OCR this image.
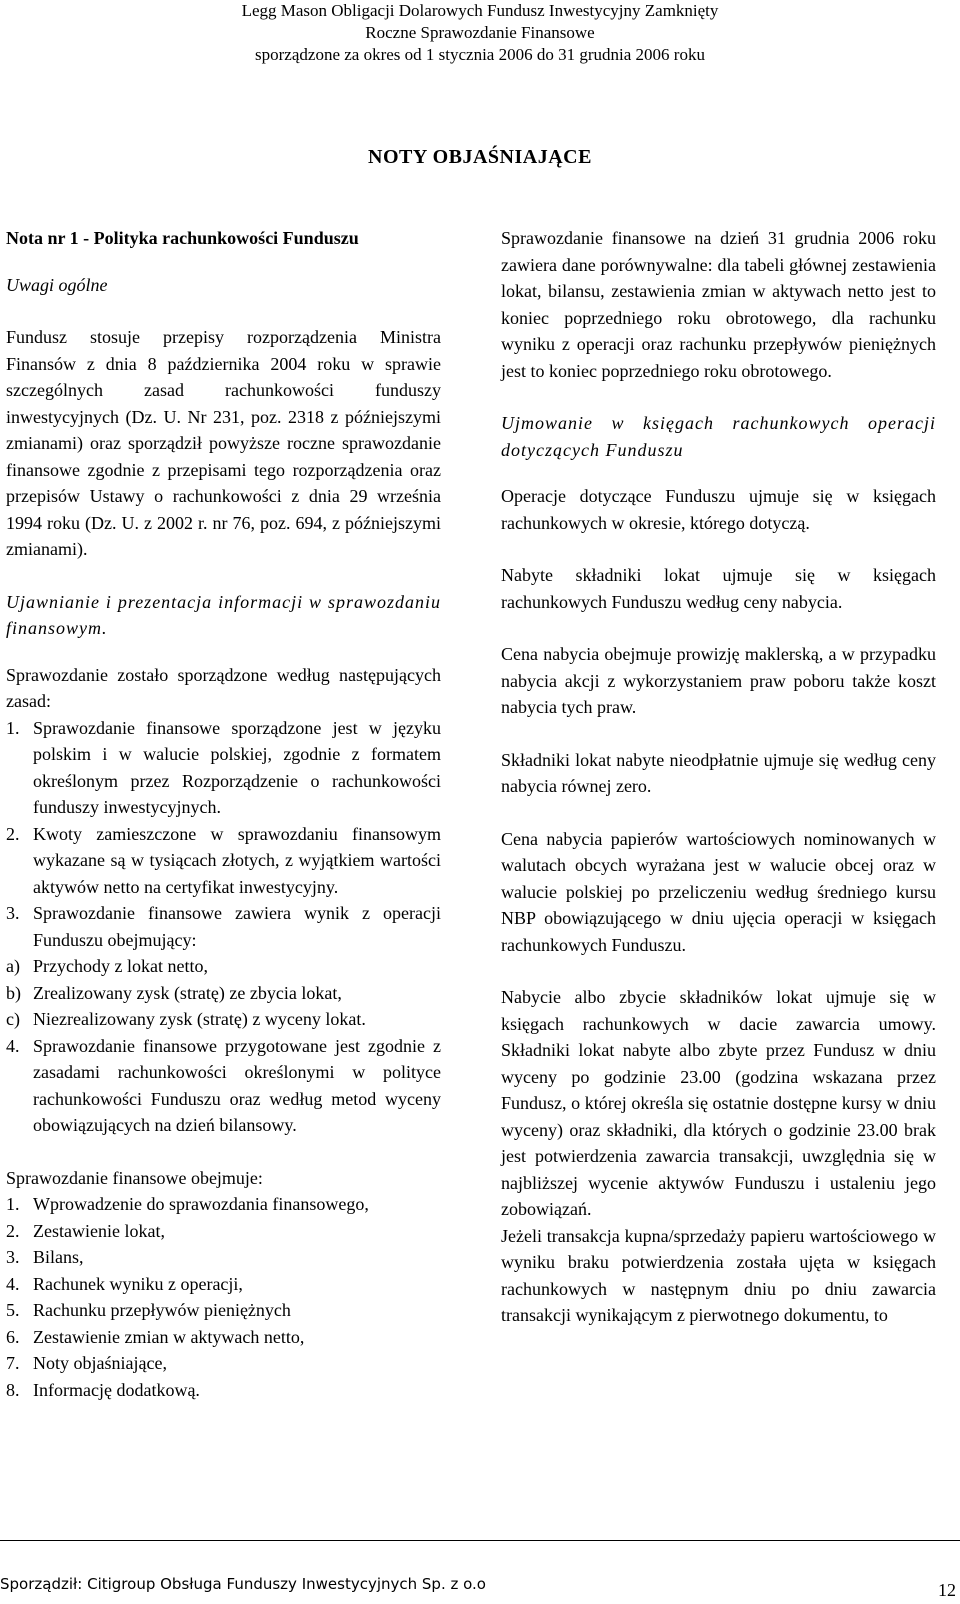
Legg Mason Obligacji Dolarowych Fundusz Inwestycyjny Zamknięty
Roczne Sprawozdanie Finansowe
sporządzone za okres od 1 stycznia 2006 do 31 grudnia 2006 roku
NOTY OBJAŚNIAJĄCE

Nota nr 1 - Polityka rachunkowości Funduszu

Uwagi ogólne

Fundusz stosuje przepisy rozporządzenia Ministra Finansów z dnia 8 października 2004 roku w sprawie szczególnych zasad rachunkowości funduszy inwestycyjnych (Dz. U. Nr 231, poz. 2318 z późniejszymi zmianami) oraz sporządził powyższe roczne sprawozdanie finansowe zgodnie z przepisami tego rozporządzenia oraz przepisów Ustawy o rachunkowości z dnia 29 września 1994 roku (Dz. U. z 2002 r. nr 76, poz. 694, z późniejszymi zmianami).

Ujawnianie i prezentacja informacji w sprawozdaniu finansowym.

Sprawozdanie zostało sporządzone według następujących zasad:

1. Sprawozdanie finansowe sporządzone jest w języku polskim i w walucie polskiej, zgodnie z formatem określonym przez Rozporządzenie o rachunkowości funduszy inwestycyjnych.
2. Kwoty zamieszczone w sprawozdaniu finansowym wykazane są w tysiącach złotych, z wyjątkiem wartości aktywów netto na certyfikat inwestycyjny.
3. Sprawozdanie finansowe zawiera wynik z operacji Funduszu obejmujący:
a) Przychody z lokat netto,
b) Zrealizowany zysk (stratę) ze zbycia lokat,
c) Niezrealizowany zysk (stratę) z wyceny lokat.
4. Sprawozdanie finansowe przygotowane jest zgodnie z zasadami rachunkowości określonymi w polityce rachunkowości Funduszu oraz według metod wyceny obowiązujących na dzień bilansowy.

Sprawozdanie finansowe obejmuje:

1. Wprowadzenie do sprawozdania finansowego,
2. Zestawienie lokat,
3. Bilans,
4. Rachunek wyniku z operacji,
5. Rachunku przepływów pieniężnych
6. Zestawienie zmian w aktywach netto,
7. Noty objaśniające,
8. Informację dodatkową.

Sprawozdanie finansowe na dzień 31 grudnia 2006 roku zawiera dane porównywalne: dla tabeli głównej zestawienia lokat, bilansu, zestawienia zmian w aktywach netto jest to koniec poprzedniego roku obrotowego, dla rachunku wyniku z operacji oraz rachunku przepływów pieniężnych jest to koniec poprzedniego roku obrotowego.

Ujmowanie w księgach rachunkowych operacji dotyczących Funduszu

Operacje dotyczące Funduszu ujmuje się w księgach rachunkowych w okresie, którego dotyczą.

Nabyte składniki lokat ujmuje się w księgach rachunkowych Funduszu według ceny nabycia.

Cena nabycia obejmuje prowizję maklerską, a w przypadku nabycia akcji z wykorzystaniem praw poboru także koszt nabycia tych praw.

Składniki lokat nabyte nieodpłatnie ujmuje się według ceny nabycia równej zero.

Cena nabycia papierów wartościowych nominowanych w walutach obcych wyrażana jest w walucie obcej oraz w walucie polskiej po przeliczeniu według średniego kursu NBP obowiązującego w dniu ujęcia operacji w księgach rachunkowych Funduszu.

Nabycie albo zbycie składników lokat ujmuje się w księgach rachunkowych w dacie zawarcia umowy. Składniki lokat nabyte albo zbyte przez Fundusz w dniu wyceny po godzinie 23.00 (godzina wskazana przez Fundusz, o której określa się ostatnie dostępne kursy w dniu wyceny) oraz składniki, dla których o godzinie 23.00 brak jest potwierdzenia zawarcia transakcji, uwzględnia się w najbliższej wycenie aktywów Funduszu i ustaleniu jego zobowiązań.

Jeżeli transakcja kupna/sprzedaży papieru wartościowego w wyniku braku potwierdzenia została ujęta w księgach rachunkowych w następnym dniu po dniu zawarcia transakcji wynikającym z pierwotnego dokumentu, to

Sporządził: Citigroup Obsługa Funduszy Inwestycyjnych Sp. z o.o	12
